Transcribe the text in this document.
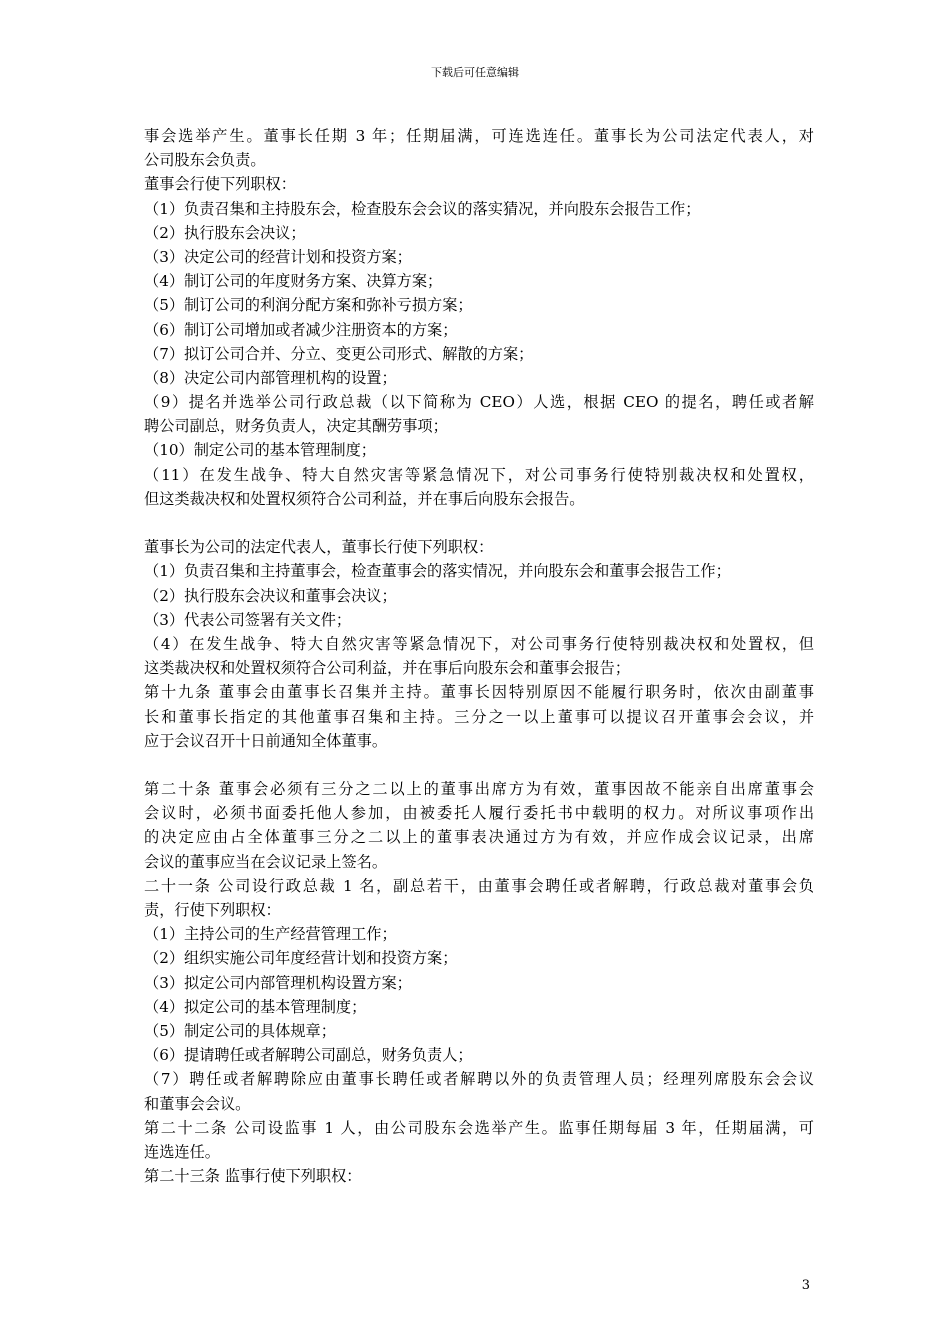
下载后可任意编辑
事会选举产生。董事长任期 3 年；任期届满，可连选连任。董事长为公司法定代表人，对
公司股东会负责。
董事会行使下列职权：
（1）负责召集和主持股东会，检查股东会会议的落实猜况，并向股东会报告工作；
（2）执行股东会决议；
（3）决定公司的经营计划和投资方案；
（4）制订公司的年度财务方案、决算方案；
（5）制订公司的利润分配方案和弥补亏损方案；
（6）制订公司增加或者减少注册资本的方案；
（7）拟订公司合并、分立、变更公司形式、解散的方案；
（8）决定公司内部管理机构的设置；
（9）提名并选举公司行政总裁（以下简称为 CEO）人选，根据 CEO 的提名，聘任或者解
聘公司副总，财务负责人，决定其酬劳事项；
（10）制定公司的基本管理制度；
（11）在发生战争、特大自然灾害等紧急情况下，对公司事务行使特别裁决权和处置权，
但这类裁决权和处置权须符合公司利益，并在事后向股东会报告。
董事长为公司的法定代表人，董事长行使下列职权：
（1）负责召集和主持董事会，检查董事会的落实情况，并向股东会和董事会报告工作；
（2）执行股东会决议和董事会决议；
（3）代表公司签署有关文件；
（4）在发生战争、特大自然灾害等紧急情况下，对公司事务行使特别裁决权和处置权，但
这类裁决权和处置权须符合公司利益，并在事后向股东会和董事会报告；
第十九条 董事会由董事长召集并主持。董事长因特别原因不能履行职务时，依次由副董事
长和董事长指定的其他董事召集和主持。三分之一以上董事可以提议召开董事会会议，并
应于会议召开十日前通知全体董事。
第二十条 董事会必须有三分之二以上的董事出席方为有效，董事因故不能亲自出席董事会
会议时，必须书面委托他人参加，由被委托人履行委托书中载明的权力。对所议事项作出
的决定应由占全体董事三分之二以上的董事表决通过方为有效，并应作成会议记录，出席
会议的董事应当在会议记录上签名。
二十一条 公司设行政总裁 1 名，副总若干，由董事会聘任或者解聘，行政总裁对董事会负
责，行使下列职权：
（1）主持公司的生产经营管理工作；
（2）组织实施公司年度经营计划和投资方案；
（3）拟定公司内部管理机构设置方案；
（4）拟定公司的基本管理制度；
（5）制定公司的具体规章；
（6）提请聘任或者解聘公司副总，财务负责人；
（7）聘任或者解聘除应由董事长聘任或者解聘以外的负责管理人员；经理列席股东会会议
和董事会会议。
第二十二条 公司设监事 1 人，由公司股东会选举产生。监事任期每届 3 年，任期届满，可
连选连任。
第二十三条 监事行使下列职权：
3
